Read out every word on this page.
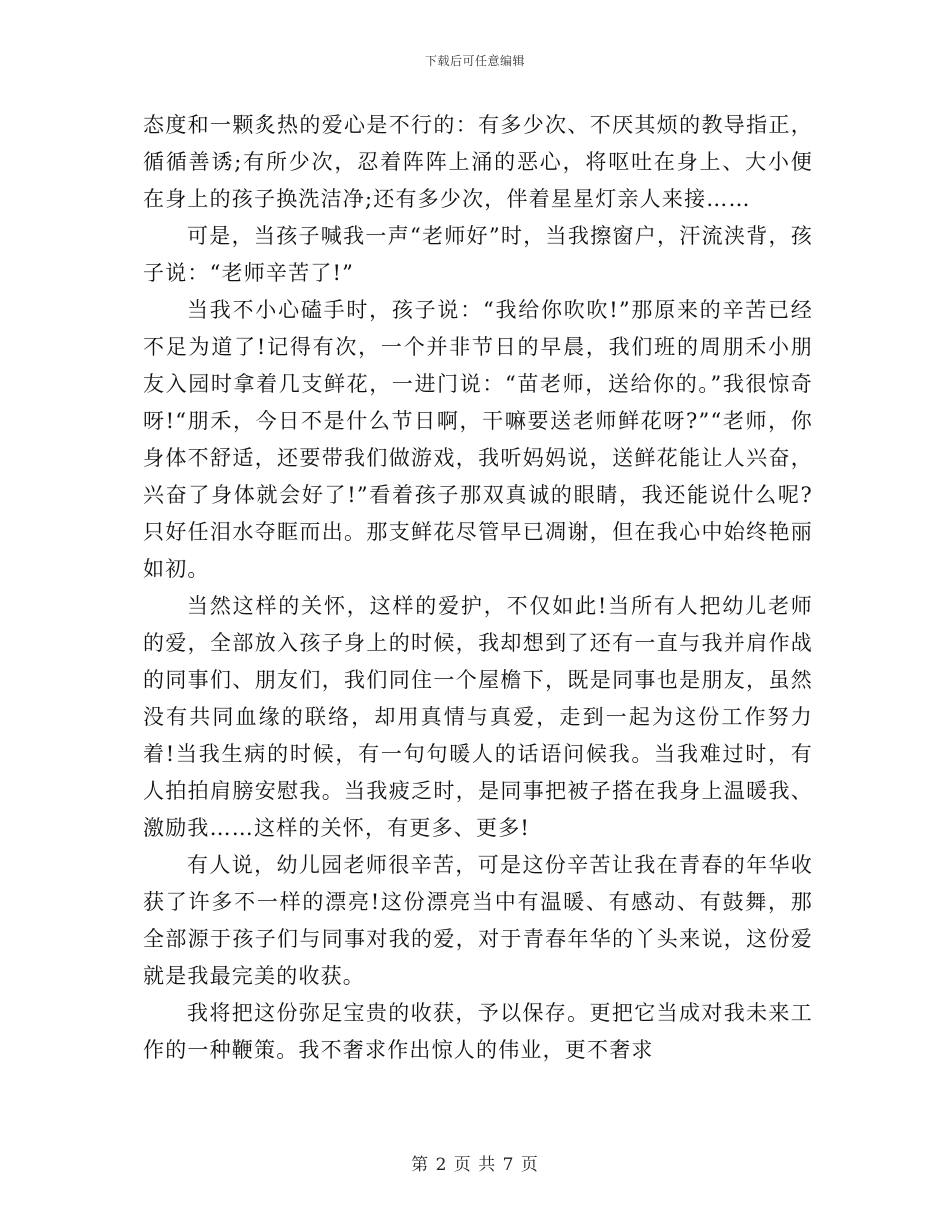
下载后可任意编辑

态度和一颗炙热的爱心是不行的：有多少次、不厌其烦的教导指正，循循善诱;有所少次，忍着阵阵上涌的恶心，将呕吐在身上、大小便在身上的孩子换洗洁净;还有多少次，伴着星星灯亲人来接……

可是，当孩子喊我一声“老师好”时，当我擦窗户，汗流浃背，孩子说：“老师辛苦了!”

当我不小心磕手时，孩子说：“我给你吹吹!”那原来的辛苦已经不足为道了!记得有次，一个并非节日的早晨，我们班的周朋禾小朋友入园时拿着几支鲜花，一进门说：“苗老师，送给你的。”我很惊奇呀!“朋禾，今日不是什么节日啊，干嘛要送老师鲜花呀?”“老师，你身体不舒适，还要带我们做游戏，我听妈妈说，送鲜花能让人兴奋，兴奋了身体就会好了!”看着孩子那双真诚的眼睛，我还能说什么呢?只好任泪水夺眶而出。那支鲜花尽管早已凋谢，但在我心中始终艳丽如初。

当然这样的关怀，这样的爱护，不仅如此!当所有人把幼儿老师的爱，全部放入孩子身上的时候，我却想到了还有一直与我并肩作战的同事们、朋友们，我们同住一个屋檐下，既是同事也是朋友，虽然没有共同血缘的联络，却用真情与真爱，走到一起为这份工作努力着!当我生病的时候，有一句句暖人的话语问候我。当我难过时，有人拍拍肩膀安慰我。当我疲乏时，是同事把被子搭在我身上温暖我、激励我……这样的关怀，有更多、更多!

有人说，幼儿园老师很辛苦，可是这份辛苦让我在青春的年华收获了许多不一样的漂亮!这份漂亮当中有温暖、有感动、有鼓舞，那全部源于孩子们与同事对我的爱，对于青春年华的丫头来说，这份爱就是我最完美的收获。

我将把这份弥足宝贵的收获，予以保存。更把它当成对我未来工作的一种鞭策。我不奢求作出惊人的伟业，更不奢求

第 2 页 共 7 页
